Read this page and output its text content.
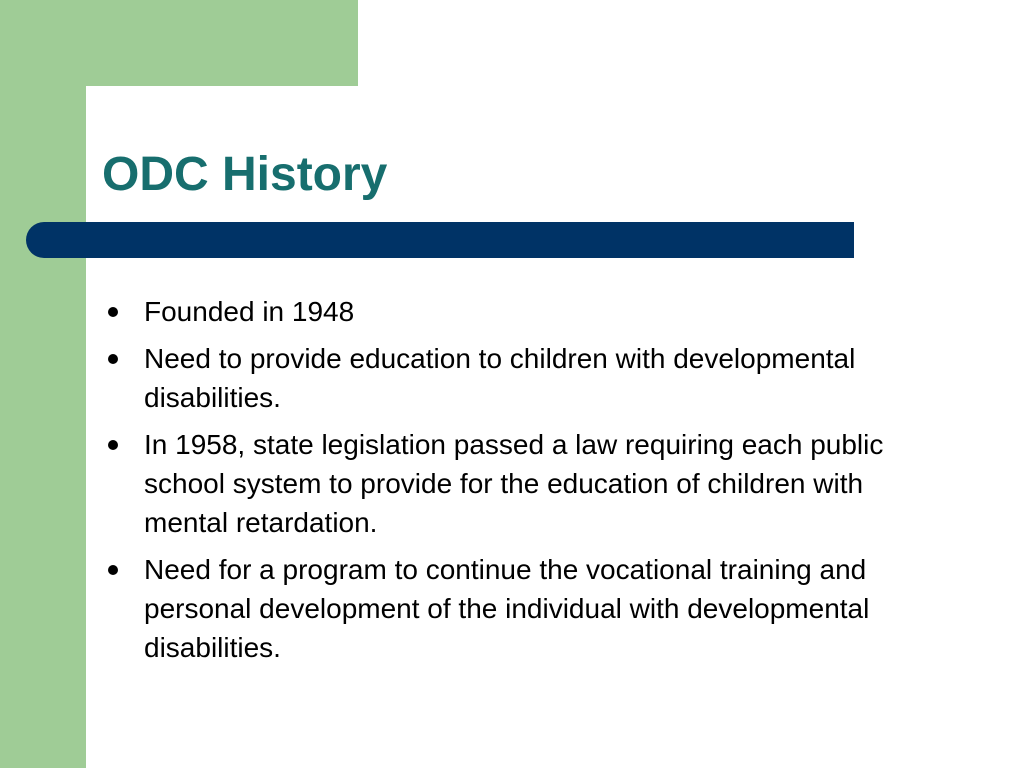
ODC History
Founded in 1948
Need to provide education to children with developmental disabilities.
In 1958, state legislation passed a law requiring each public school system to provide for the education of children with mental retardation.
Need for a program to continue the vocational training and personal development of the individual with developmental disabilities.
